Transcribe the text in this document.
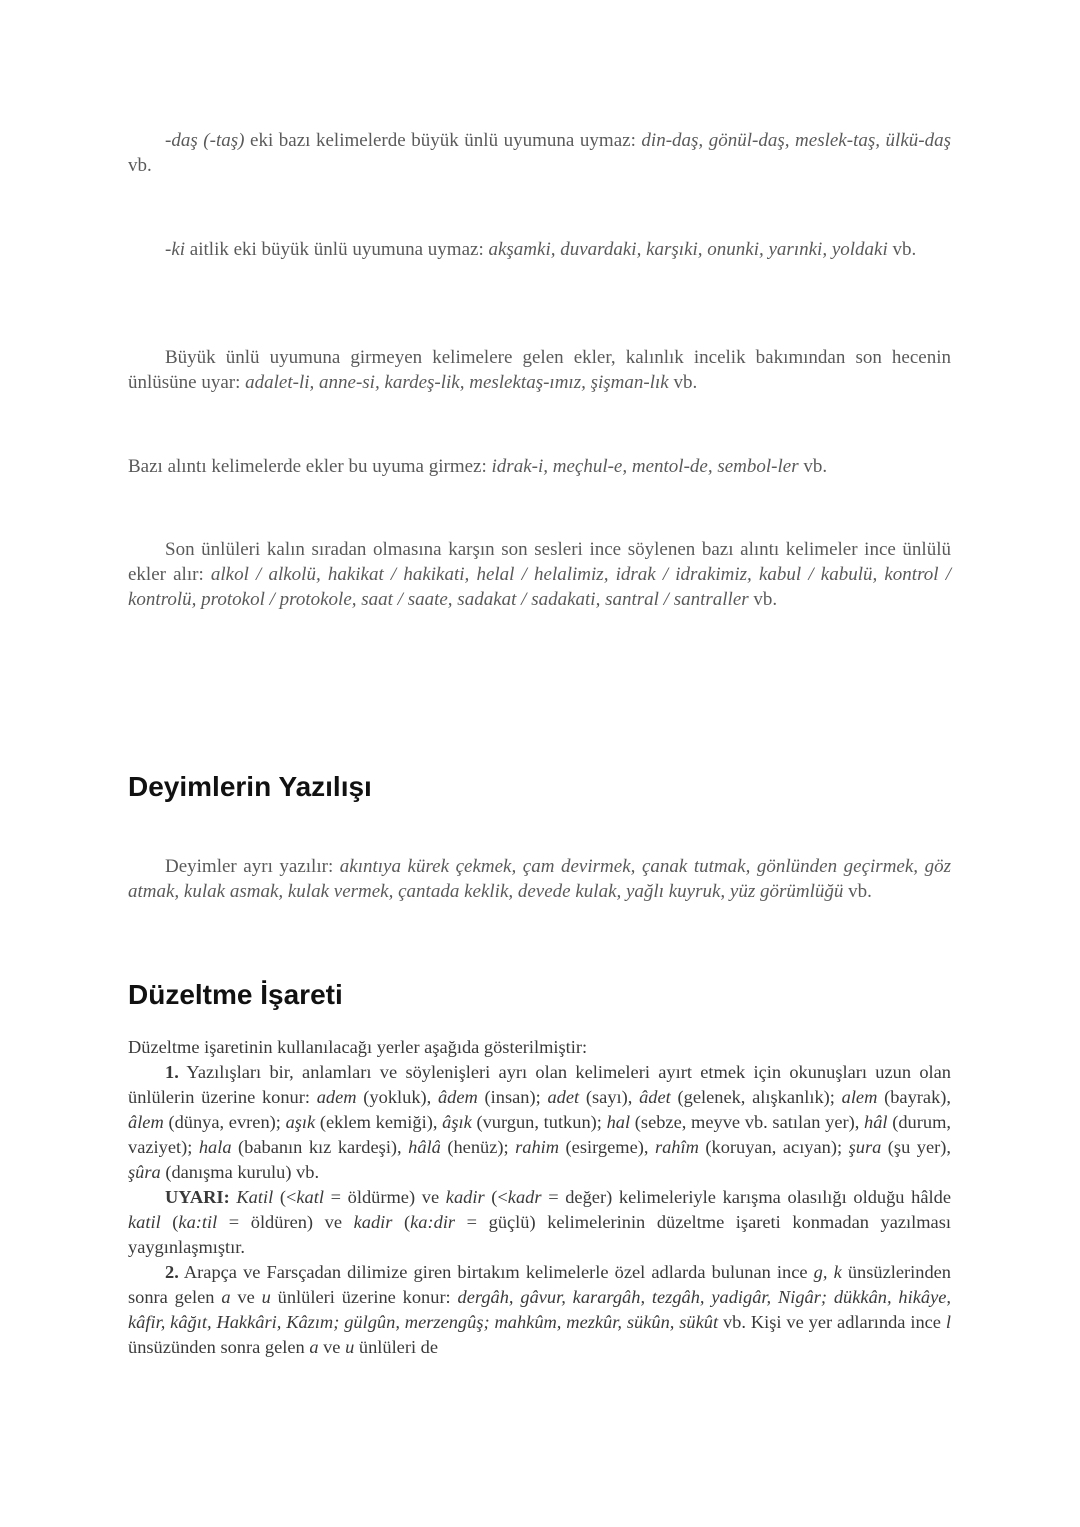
-daş (-taş) eki bazı kelimelerde büyük ünlü uyumuna uymaz: din-daş, gönül-daş, meslek-taş, ülkü-daş vb.

-ki aitlik eki büyük ünlü uyumuna uymaz: akşamki, duvardaki, karşıki, onunki, yarınki, yoldaki vb.

Büyük ünlü uyumuna girmeyen kelimelere gelen ekler, kalınlık incelik bakımından son hecenin ünlüsüne uyar: adalet-li, anne-si, kardeş-lik, meslektaş-ımız, şişman-lık vb.

Bazı alıntı kelimelerde ekler bu uyuma girmez: idrak-i, meçhul-e, mentol-de, sembol-ler vb.

Son ünlüleri kalın sıradan olmasına karşın son sesleri ince söylenen bazı alıntı kelimeler ince ünlülü ekler alır: alkol / alkolü, hakikat / hakikati, helal / helalimiz, idrak / idrakimiz, kabul / kabulü, kontrol / kontrolü, protokol / protokole, saat / saate, sadakat / sadakati, santral / santraller vb.

Deyimlerin Yazılışı

Deyimler ayrı yazılır: akıntıya kürek çekmek, çam devirmek, çanak tutmak, gönlünden geçirmek, göz atmak, kulak asmak, kulak vermek, çantada keklik, devede kulak, yağlı kuyruk, yüz görümlüğü vb.

Düzeltme İşareti

Düzeltme işaretinin kullanılacağı yerler aşağıda gösterilmiştir:

1. Yazılışları bir, anlamları ve söylenişleri ayrı olan kelimeleri ayırt etmek için okunuşları uzun olan ünlülerin üzerine konur: adem (yokluk), âdem (insan); adet (sayı), âdet (gelenek, alışkanlık); alem (bayrak), âlem (dünya, evren); aşık (eklem kemiği), âşık (vurgun, tutkun); hal (sebze, meyve vb. satılan yer), hâl (durum, vaziyet); hala (babanın kız kardeşi), hâlâ (henüz); rahim (esirgeme), rahîm (koruyan, acıyan); şura (şu yer), şûra (danışma kurulu) vb.

UYARI: Katil (<katl = öldürme) ve kadir (<kadr = değer) kelimeleriyle karışma olasılığı olduğu hâlde katil (ka:til = öldüren) ve kadir (ka:dir = güçlü) kelimelerinin düzeltme işareti konmadan yazılması yaygınlaşmıştır.

2. Arapça ve Farsçadan dilimize giren birtakım kelimelerle özel adlarda bulunan ince g, k ünsüzlerinden sonra gelen a ve u ünlüleri üzerine konur: dergâh, gâvur, karargâh, tezgâh, yadigâr, Nigâr; dükkân, hikâye, kâfir, kâğıt, Hakkâri, Kâzım; gülgûn, merzengûş; mahkûm, mezkûr, sükûn, sükût vb. Kişi ve yer adlarında ince l ünsüzünden sonra gelen a ve u ünlüleri de
